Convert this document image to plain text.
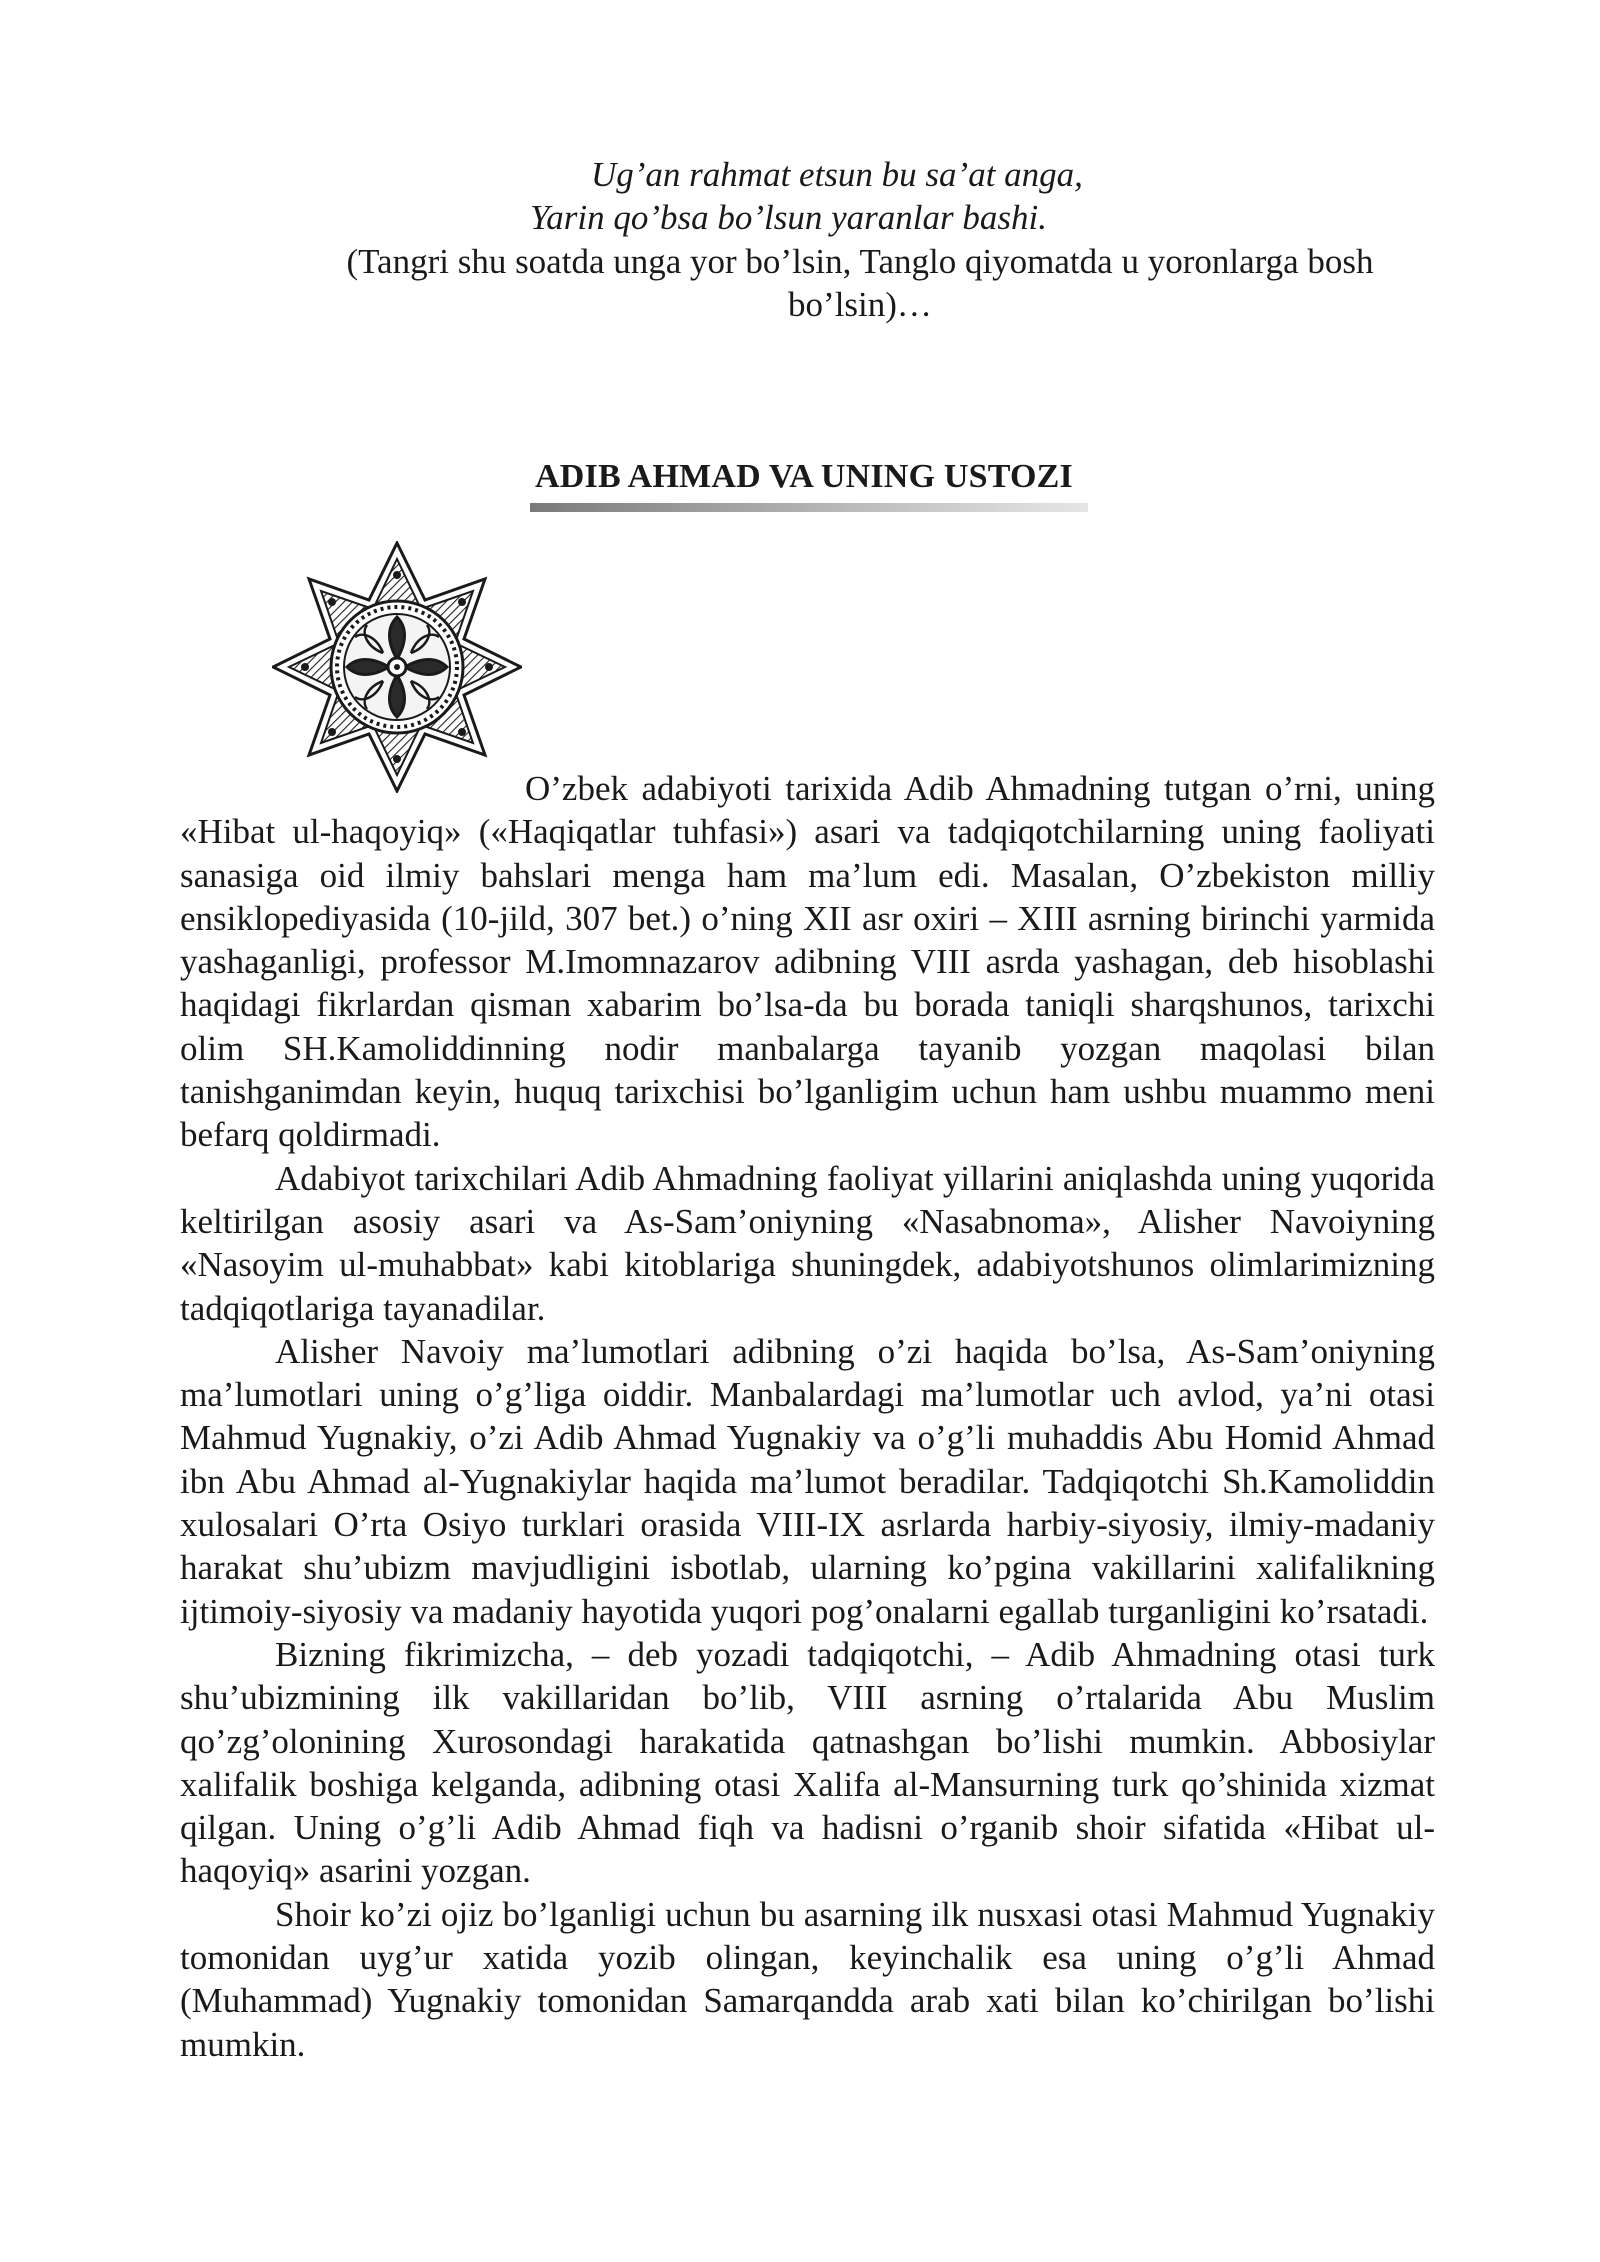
Ug’an rahmat etsun bu sa’at anga,
Yarin qo’bsa bo’lsun yaranlar bashi.
(Tangri shu soatda unga yor bo’lsin, Tanglo qiyomatda u yoronlarga bosh bo’lsin)…
ADIB AHMAD VA UNING USTOZI

O’zbek adabiyoti tarixida Adib Ahmadning tutgan o’rni, uning «Hibat ul-haqoyiq» («Haqiqatlar tuhfasi») asari va tadqiqotchilarning uning faoliyati sanasiga oid ilmiy bahslari menga ham ma’lum edi. Masalan, O’zbekiston milliy ensiklopediyasida (10-jild, 307 bet.) o’ning XII asr oxiri – XIII asrning birinchi yarmida yashaganligi, professor M.Imomnazarov adibning VIII asrda yashagan, deb hisoblashi haqidagi fikrlardan qisman xabarim bo’lsa-da bu borada taniqli sharqshunos, tarixchi olim SH.Kamoliddinning nodir manbalarga tayanib yozgan maqolasi bilan tanishganimdan keyin, huquq tarixchisi bo’lganligim uchun ham ushbu muammo meni befarq qoldirmadi.

Adabiyot tarixchilari Adib Ahmadning faoliyat yillarini aniqlashda uning yuqorida keltirilgan asosiy asari va As-Sam’oniyning «Nasabnoma», Alisher Navoiyning «Nasoyim ul-muhabbat» kabi kitoblariga shuningdek, adabiyotshunos olimlarimizning tadqiqotlariga tayanadilar.

Alisher Navoiy ma’lumotlari adibning o’zi haqida bo’lsa, As-Sam’oniyning ma’lumotlari uning o’g’liga oiddir. Manbalardagi ma’lumotlar uch avlod, ya’ni otasi Mahmud Yugnakiy, o’zi Adib Ahmad Yugnakiy va o’g’li muhaddis Abu Homid Ahmad ibn Abu Ahmad al-Yugnakiylar haqida ma’lumot beradilar. Tadqiqotchi Sh.Kamoliddin xulosalari O’rta Osiyo turklari orasida VIII-IX asrlarda harbiy-siyosiy, ilmiy-madaniy harakat shu’ubizm mavjudligini isbotlab, ularning ko’pgina vakillarini xalifalikning ijtimoiy-siyosiy va madaniy hayotida yuqori pog’onalarni egallab turganligini ko’rsatadi.

Bizning fikrimizcha, – deb yozadi tadqiqotchi, – Adib Ahmadning otasi turk shu’ubizmining ilk vakillaridan bo’lib, VIII asrning o’rtalarida Abu Muslim qo’zg’olonining Xurosondagi harakatida qatnashgan bo’lishi mumkin. Abbosiylar xalifalik boshiga kelganda, adibning otasi Xalifa al-Mansurning turk qo’shinida xizmat qilgan. Uning o’g’li Adib Ahmad fiqh va hadisni o’rganib shoir sifatida «Hibat ul-haqoyiq» asarini yozgan.

Shoir ko’zi ojiz bo’lganligi uchun bu asarning ilk nusxasi otasi Mahmud Yugnakiy tomonidan uyg’ur xatida yozib olingan, keyinchalik esa uning o’g’li Ahmad (Muhammad) Yugnakiy tomonidan Samarqandda arab xati bilan ko’chirilgan bo’lishi mumkin.
